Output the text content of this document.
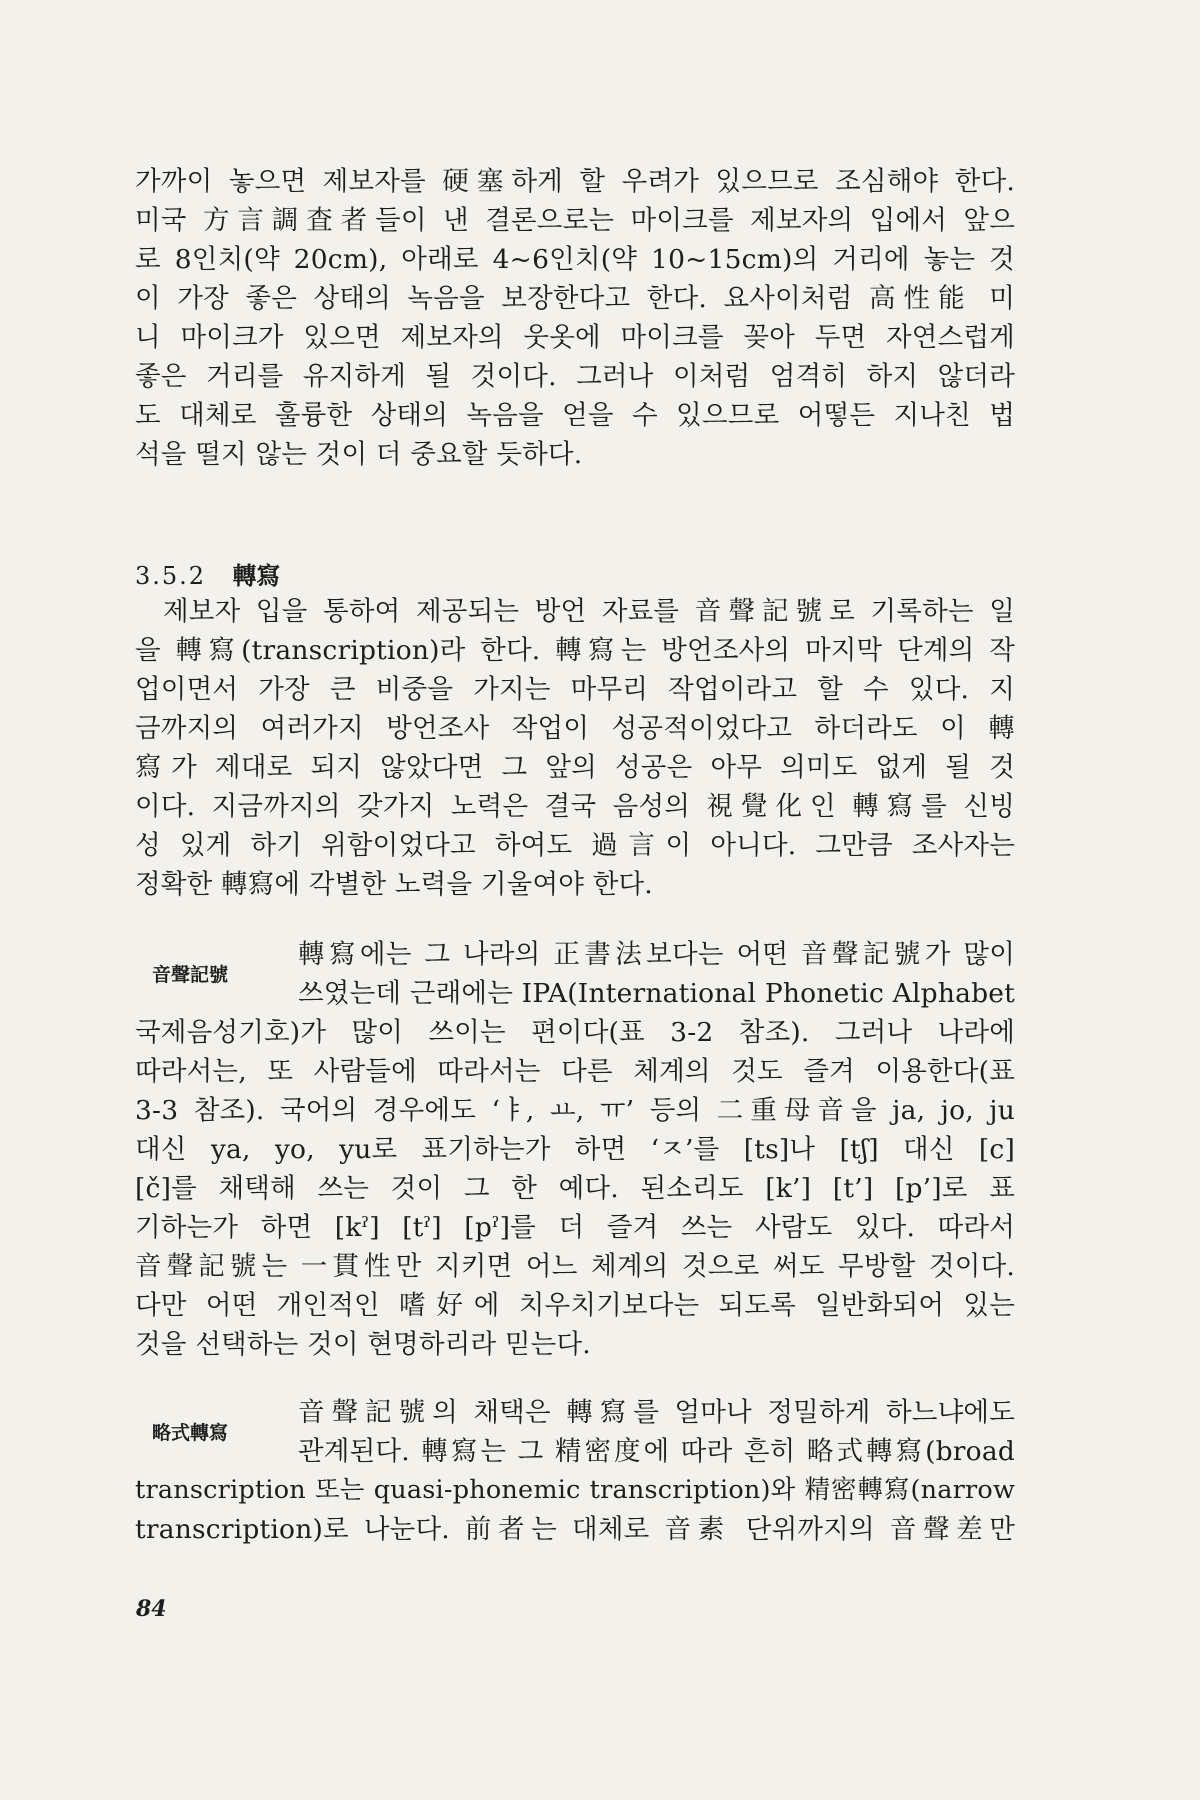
가까이 놓으면 제보자를 硬塞하게 할 우려가 있으므로 조심해야 한다.
미국 方言調査者들이 낸 결론으로는 마이크를 제보자의 입에서 앞으
로 8인치(약 20cm), 아래로 4~6인치(약 10~15cm)의 거리에 놓는 것
이 가장 좋은 상태의 녹음을 보장한다고 한다. 요사이처럼 高性能 미
니 마이크가 있으면 제보자의 웃옷에 마이크를 꽂아 두면 자연스럽게
좋은 거리를 유지하게 될 것이다. 그러나 이처럼 엄격히 하지 않더라
도 대체로 훌륭한 상태의 녹음을 얻을 수 있으므로 어떻든 지나친 법
석을 떨지 않는 것이 더 중요할 듯하다.
3.5.2 轉寫
제보자 입을 통하여 제공되는 방언 자료를 音聲記號로 기록하는 일
을 轉寫(transcription)라 한다. 轉寫는 방언조사의 마지막 단계의 작
업이면서 가장 큰 비중을 가지는 마무리 작업이라고 할 수 있다. 지
금까지의 여러가지 방언조사 작업이 성공적이었다고 하더라도 이 轉
寫가 제대로 되지 않았다면 그 앞의 성공은 아무 의미도 없게 될 것
이다. 지금까지의 갖가지 노력은 결국 음성의 視覺化인 轉寫를 신빙
성 있게 하기 위함이었다고 하여도 過言이 아니다. 그만큼 조사자는
정확한 轉寫에 각별한 노력을 기울여야 한다.
音聲記號
轉寫에는 그 나라의 正書法보다는 어떤 音聲記號가 많이
쓰였는데 근래에는 IPA(International Phonetic Alphabet
국제음성기호)가 많이 쓰이는 편이다(표 3-2 참조). 그러나 나라에
따라서는, 또 사람들에 따라서는 다른 체계의 것도 즐겨 이용한다(표
3-3 참조). 국어의 경우에도 ‘ㅑ, ㅛ, ㅠ’ 등의 二重母音을 ja, jo, ju
대신 ya, yo, yu로 표기하는가 하면 ‘ㅈ’를 [ts]나 [tʃ] 대신 [c]
[č]를 채택해 쓰는 것이 그 한 예다. 된소리도 [k’] [t’] [p’]로 표
기하는가 하면 [kˀ] [tˀ] [pˀ]를 더 즐겨 쓰는 사람도 있다. 따라서
音聲記號는 一貫性만 지키면 어느 체계의 것으로 써도 무방할 것이다.
다만 어떤 개인적인 嗜好에 치우치기보다는 되도록 일반화되어 있는
것을 선택하는 것이 현명하리라 믿는다.
略式轉寫
音聲記號의 채택은 轉寫를 얼마나 정밀하게 하느냐에도
관계된다. 轉寫는 그 精密度에 따라 흔히 略式轉寫(broad
transcription 또는 quasi-phonemic transcription)와 精密轉寫(narrow
transcription)로 나눈다. 前者는 대체로 音素 단위까지의 音聲差만
84
